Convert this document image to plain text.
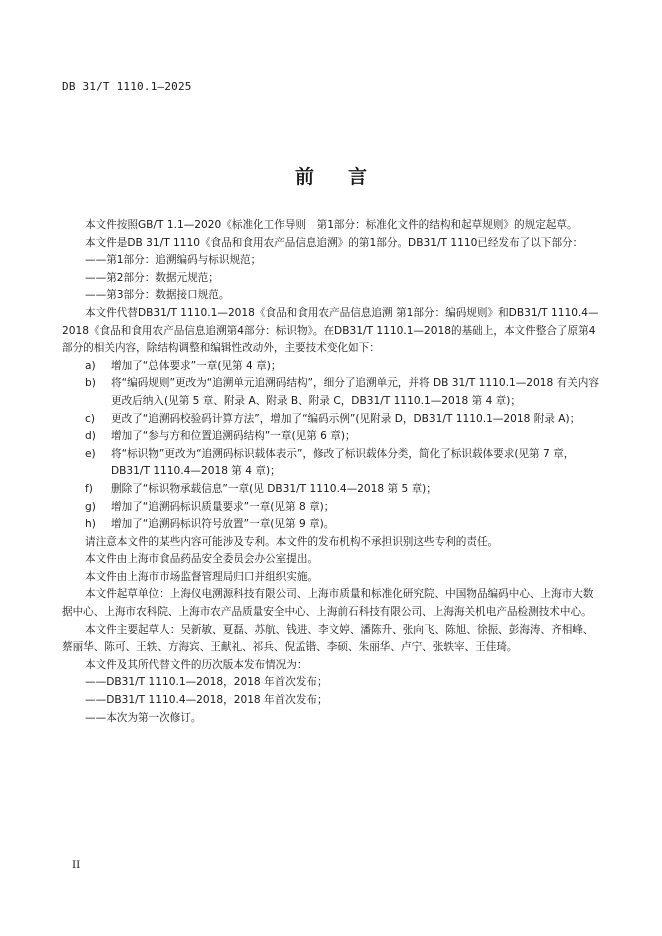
DB 31/T 1110.1—2025
前言

本文件按照GB/T 1.1—2020《标准化工作导则　第1部分：标准化文件的结构和起草规则》的规定起草。

本文件是DB 31/T 1110《食品和食用农产品信息追溯》的第1部分。DB31/T 1110已经发布了以下部分：

——第1部分：追溯编码与标识规范；

——第2部分：数据元规范；

——第3部分：数据接口规范。

本文件代替DB31/T 1110.1—2018《食品和食用农产品信息追溯 第1部分：编码规则》和DB31/T 1110.4—2018《食品和食用农产品信息追溯第4部分：标识物》。在DB31/T 1110.1—2018的基础上，本文件整合了原第4部分的相关内容，除结构调整和编辑性改动外，主要技术变化如下：

a) 增加了“总体要求”一章(见第 4 章)；

b) 将“编码规则”更改为“追溯单元追溯码结构”，细分了追溯单元，并将 DB 31/T 1110.1—2018 有关内容更改后纳入(见第 5 章、附录 A、附录 B、附录 C，DB31/T 1110.1—2018 第 4 章)；

c) 更改了“追溯码校验码计算方法”，增加了“编码示例”(见附录 D，DB31/T 1110.1—2018 附录 A)；

d) 增加了“参与方和位置追溯码结构”一章(见第 6 章)；

e) 将“标识物”更改为“追溯码标识载体表示”，修改了标识载体分类，简化了标识载体要求(见第 7 章，DB31/T 1110.4—2018 第 4 章)；

f) 删除了“标识物承载信息”一章(见 DB31/T 1110.4—2018 第 5 章)；

g) 增加了“追溯码标识质量要求”一章(见第 8 章)；

h) 增加了“追溯码标识符号放置”一章(见第 9 章)。

请注意本文件的某些内容可能涉及专利。本文件的发布机构不承担识别这些专利的责任。

本文件由上海市食品药品安全委员会办公室提出。

本文件由上海市市场监督管理局归口并组织实施。

本文件起草单位：上海仪电溯源科技有限公司、上海市质量和标准化研究院、中国物品编码中心、上海市大数据中心、上海市农科院、上海市农产品质量安全中心、上海前石科技有限公司、上海海关机电产品检测技术中心。

本文件主要起草人：吴新敏、夏磊、苏航、钱进、李文婷、潘陈升、张向飞、陈旭、徐振、彭海涛、齐相峰、蔡丽华、陈可、王轶、方海宾、王献礼、祁兵、倪孟锴、李硕、朱丽华、卢宁、张轶宰、王佳琦。

本文件及其所代替文件的历次版本发布情况为：

——DB31/T 1110.1—2018，2018 年首次发布；

——DB31/T 1110.4—2018，2018 年首次发布；

——本次为第一次修订。

II
